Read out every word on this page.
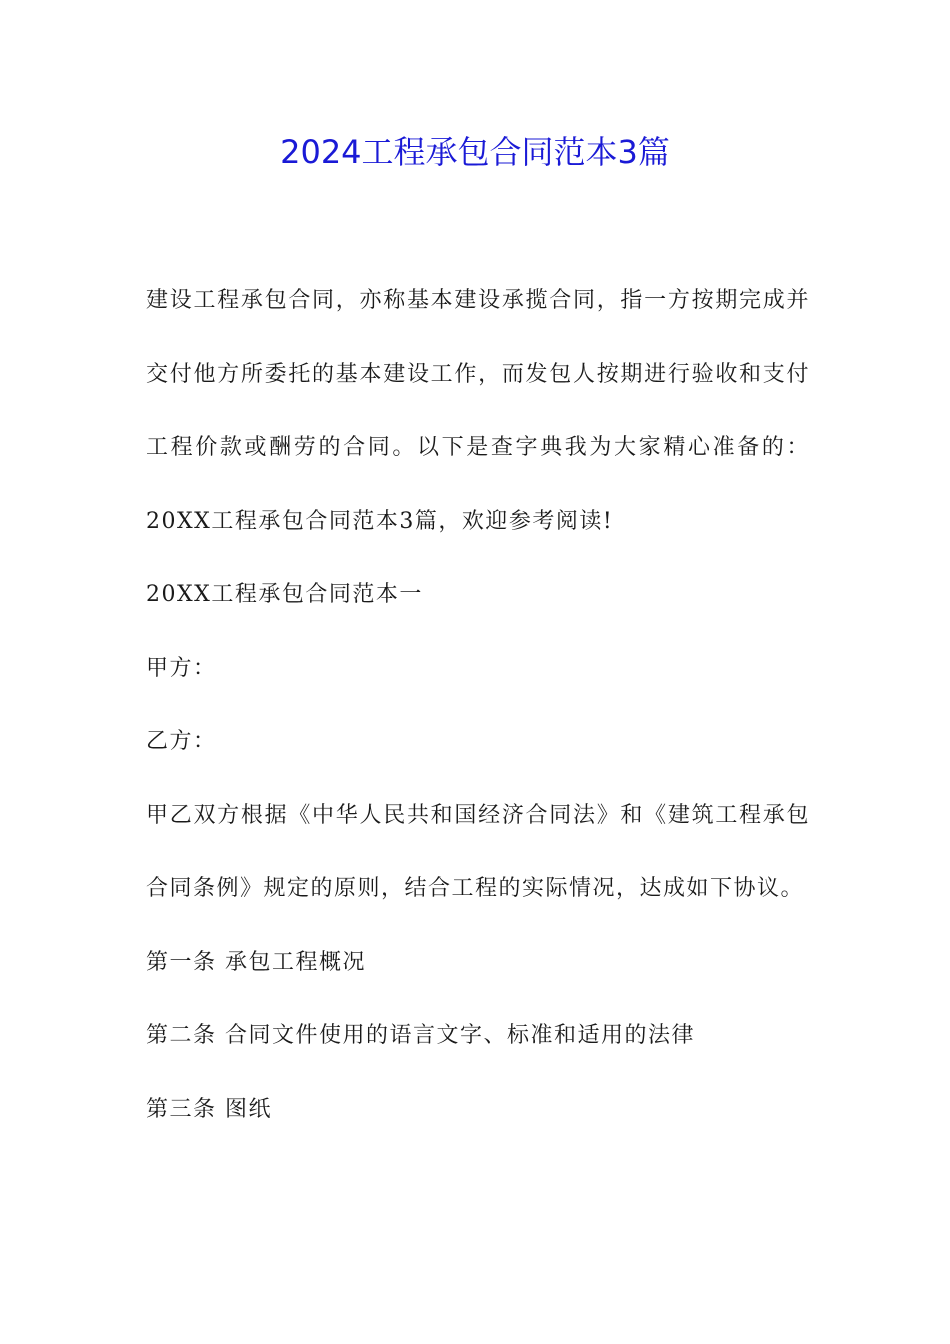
2024工程承包合同范本3篇

建设工程承包合同，亦称基本建设承揽合同，指一方按期完成并交付他方所委托的基本建设工作，而发包人按期进行验收和支付工程价款或酬劳的合同。以下是查字典我为大家精心准备的：20XX工程承包合同范本3篇，欢迎参考阅读!

20XX工程承包合同范本一

甲方：

乙方：

甲乙双方根据《中华人民共和国经济合同法》和《建筑工程承包合同条例》规定的原则，结合工程的实际情况，达成如下协议。

第一条 承包工程概况

第二条 合同文件使用的语言文字、标准和适用的法律

第三条 图纸
